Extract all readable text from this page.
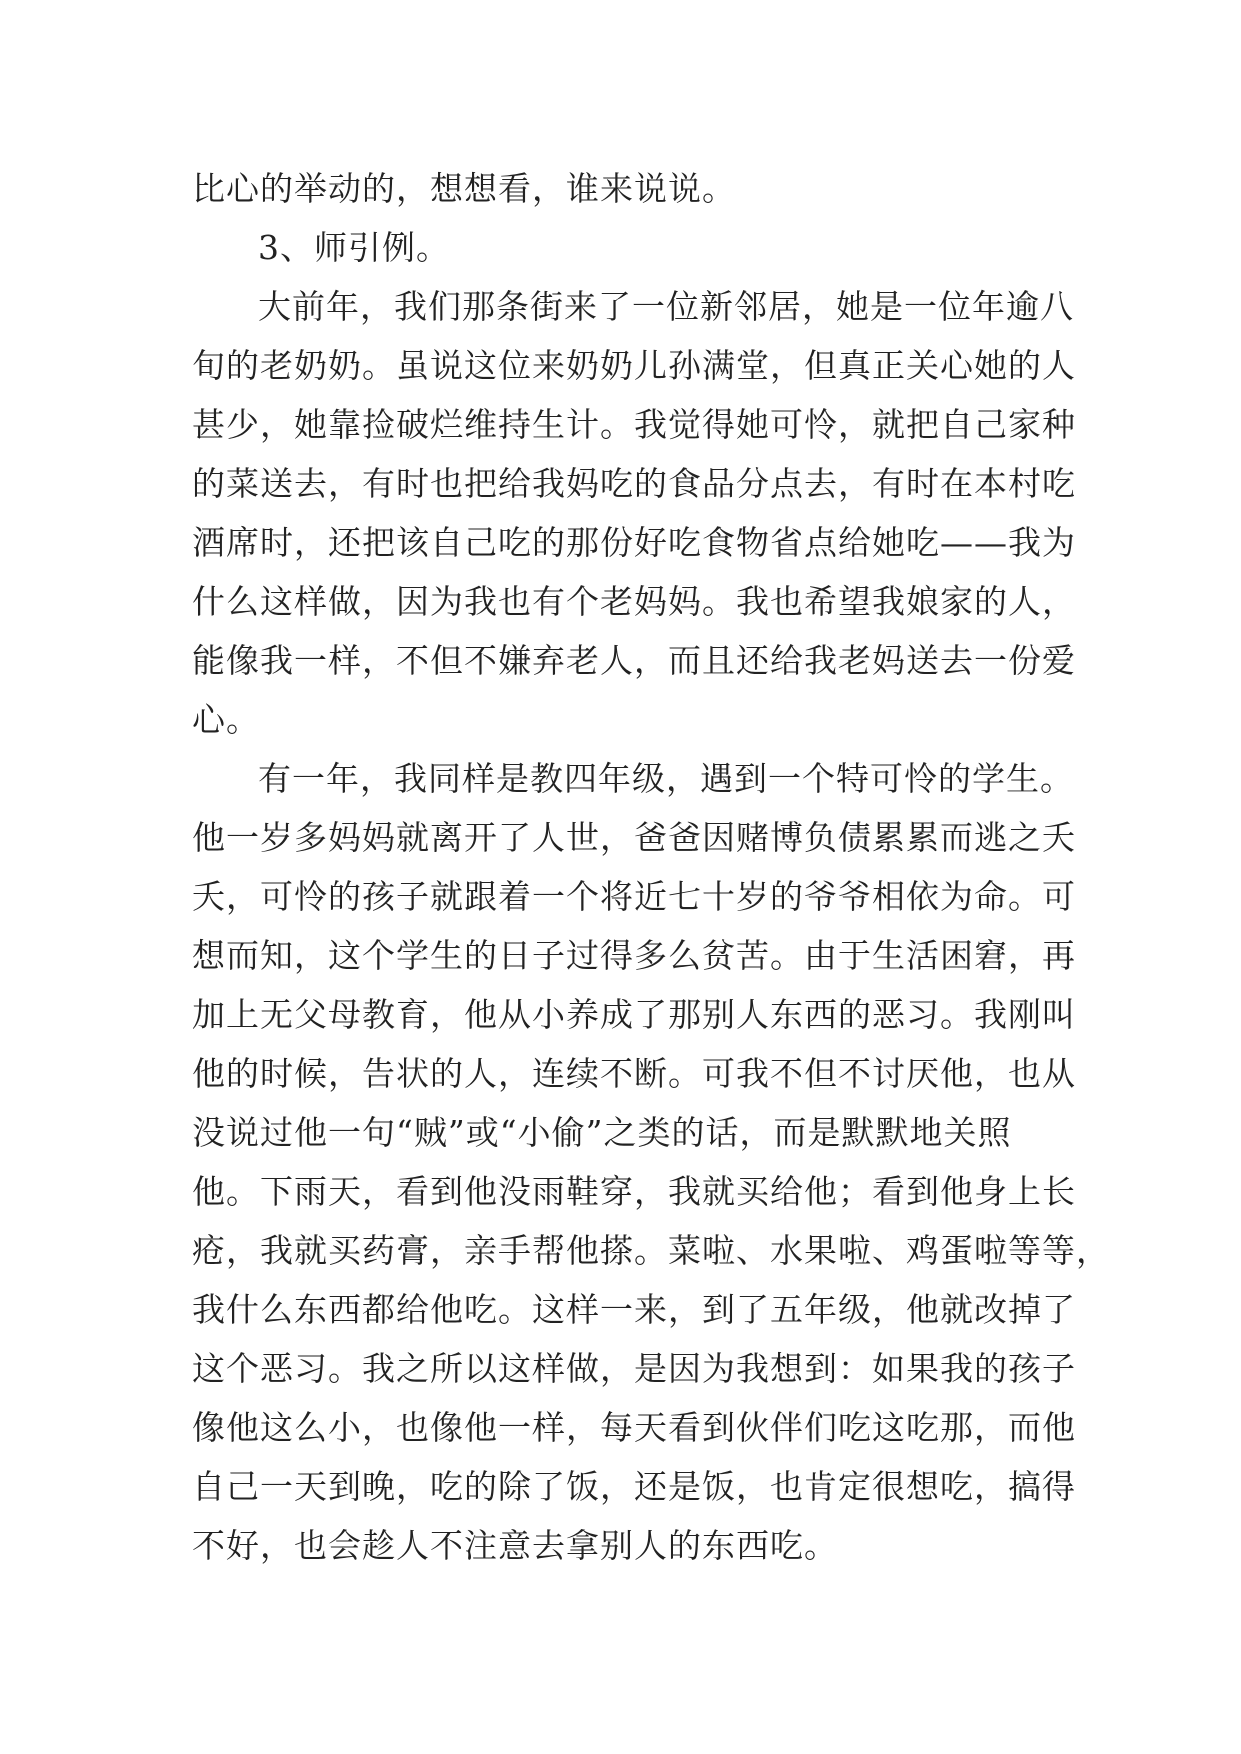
比心的举动的，想想看，谁来说说。
3、师引例。
大前年，我们那条街来了一位新邻居，她是一位年逾八
旬的老奶奶。虽说这位来奶奶儿孙满堂，但真正关心她的人
甚少，她靠捡破烂维持生计。我觉得她可怜，就把自己家种
的菜送去，有时也把给我妈吃的食品分点去，有时在本村吃
酒席时，还把该自己吃的那份好吃食物省点给她吃——我为
什么这样做，因为我也有个老妈妈。我也希望我娘家的人，
能像我一样，不但不嫌弃老人，而且还给我老妈送去一份爱
心。
有一年，我同样是教四年级，遇到一个特可怜的学生。
他一岁多妈妈就离开了人世，爸爸因赌博负债累累而逃之夭
夭，可怜的孩子就跟着一个将近七十岁的爷爷相依为命。可
想而知，这个学生的日子过得多么贫苦。由于生活困窘，再
加上无父母教育，他从小养成了那别人东西的恶习。我刚叫
他的时候，告状的人，连续不断。可我不但不讨厌他，也从
没说过他一句“贼”或“小偷”之类的话，而是默默地关照
他。下雨天，看到他没雨鞋穿，我就买给他；看到他身上长
疮，我就买药膏，亲手帮他搽。菜啦、水果啦、鸡蛋啦等等，
我什么东西都给他吃。这样一来，到了五年级，他就改掉了
这个恶习。我之所以这样做，是因为我想到：如果我的孩子
像他这么小，也像他一样，每天看到伙伴们吃这吃那，而他
自己一天到晚，吃的除了饭，还是饭，也肯定很想吃，搞得
不好，也会趁人不注意去拿别人的东西吃。
